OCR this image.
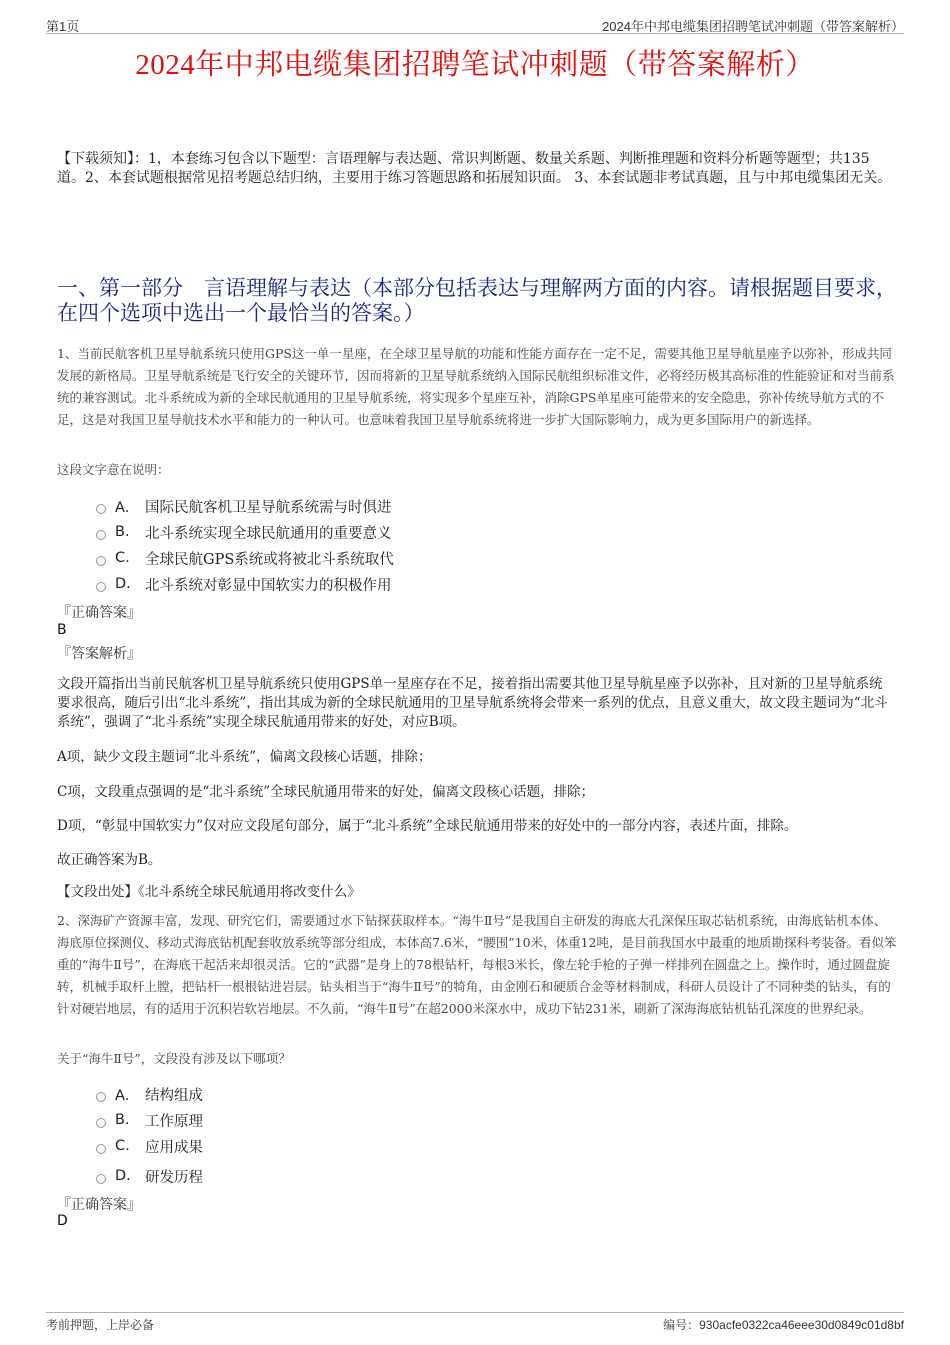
第1页	2024年中邦电缆集团招聘笔试冲刺题（带答案解析）
2024年中邦电缆集团招聘笔试冲刺题（带答案解析）
【下载须知】：1，本套练习包含以下题型：言语理解与表达题、常识判断题、数量关系题、判断推理题和资料分析题等题型；共135道。2、本套试题根据常见招考题总结归纳，主要用于练习答题思路和拓展知识面。 3、本套试题非考试真题，且与中邦电缆集团无关。
一、第一部分　言语理解与表达（本部分包括表达与理解两方面的内容。请根据题目要求，在四个选项中选出一个最恰当的答案。）
1、当前民航客机卫星导航系统只使用GPS这一单一星座，在全球卫星导航的功能和性能方面存在一定不足，需要其他卫星导航星座予以弥补，形成共同发展的新格局。卫星导航系统是飞行安全的关键环节，因而将新的卫星导航系统纳入国际民航组织标准文件，必将经历极其高标准的性能验证和对当前系统的兼容测试。北斗系统成为新的全球民航通用的卫星导航系统，将实现多个星座互补，消除GPS单星座可能带来的安全隐患，弥补传统导航方式的不足，这是对我国卫星导航技术水平和能力的一种认可。也意味着我国卫星导航系统将进一步扩大国际影响力，成为更多国际用户的新选择。
这段文字意在说明：
A． 国际民航客机卫星导航系统需与时俱进
B.	北斗系统实现全球民航通用的重要意义
C.	全球民航GPS系统或将被北斗系统取代
D. 北斗系统对彰显中国软实力的积极作用
『正确答案』
B
『答案解析』
文段开篇指出当前民航客机卫星导航系统只使用GPS单一星座存在不足，接着指出需要其他卫星导航星座予以弥补，且对新的卫星导航系统要求很高，随后引出“北斗系统”，指出其成为新的全球民航通用的卫星导航系统将会带来一系列的优点，且意义重大，故文段主题词为“北斗系统”，强调了“北斗系统”实现全球民航通用带来的好处，对应B项。
A项，缺少文段主题词“北斗系统”，偏离文段核心话题，排除；
C项，文段重点强调的是“北斗系统”全球民航通用带来的好处，偏离文段核心话题，排除；
D项，“彰显中国软实力”仅对应文段尾句部分，属于“北斗系统”全球民航通用带来的好处中的一部分内容，表述片面，排除。
故正确答案为B。
【文段出处】《北斗系统全球民航通用将改变什么》
2、深海矿产资源丰富，发现、研究它们，需要通过水下钻探获取样本。“海牛Ⅱ号”是我国自主研发的海底大孔深保压取芯钻机系统，由海底钻机本体、海底原位探测仪、移动式海底钻机配套收放系统等部分组成，本体高7.6米，“腰围”10米，体重12吨，是目前我国水中最重的地质勘探科考装备。看似笨重的“海牛Ⅱ号”，在海底干起活来却很灵活。它的“武器”是身上的78根钻杆，每根3米长，像左轮手枪的子弹一样排列在圆盘之上。操作时，通过圆盘旋转，机械手取杆上膛，把钻杆一根根钻进岩层。钻头相当于“海牛Ⅱ号”的犄角，由金刚石和硬质合金等材料制成，科研人员设计了不同种类的钻头，有的针对硬岩地层，有的适用于沉积岩软岩地层。不久前，“海牛Ⅱ号”在超2000米深水中，成功下钻231米，刷新了深海海底钻机钻孔深度的世界纪录。
关于“海牛Ⅱ号”，文段没有涉及以下哪项？
A． 结构组成
B.	工作原理
C.	应用成果
D. 研发历程
『正确答案』
D
考前押题，上岸必备	编号：930acfe0322ca46eee30d0849c01d8bf
